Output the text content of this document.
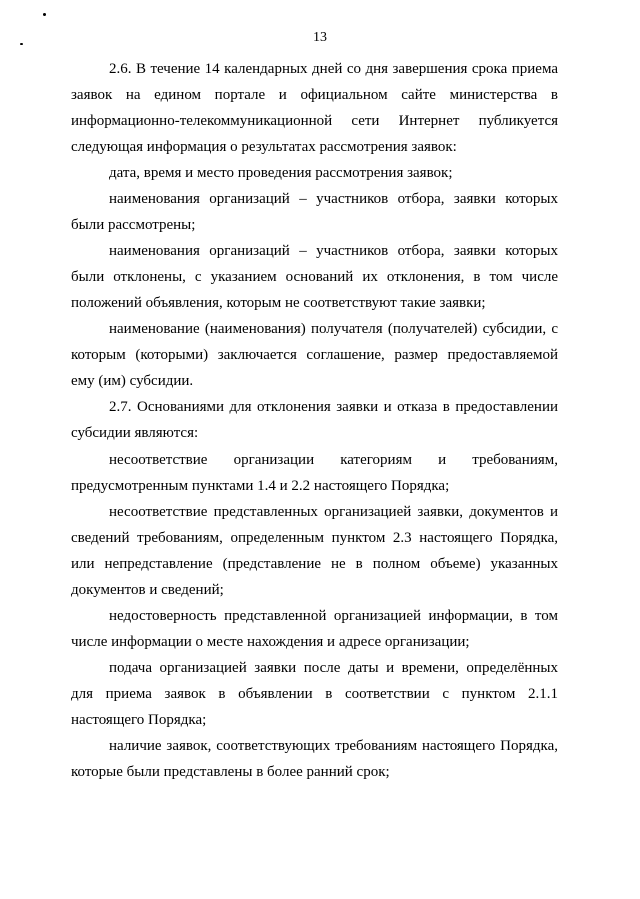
13
2.6. В течение 14 календарных дней со дня завершения срока приема
заявок на едином портале и официальном сайте министерства в
информационно-телекоммуникационной сети Интернет публикуется
следующая информация о результатах рассмотрения заявок:
дата, время и место проведения рассмотрения заявок;
наименования организаций – участников отбора, заявки которых
были рассмотрены;
наименования организаций – участников отбора, заявки которых
были отклонены, с указанием оснований их отклонения, в том числе
положений объявления, которым не соответствуют такие заявки;
наименование (наименования) получателя (получателей) субсидии, с
которым (которыми) заключается соглашение, размер предоставляемой
ему (им) субсидии.
2.7. Основаниями для отклонения заявки и отказа в предоставлении
субсидии являются:
несоответствие организации категориям и требованиям,
предусмотренным пунктами 1.4 и 2.2 настоящего Порядка;
несоответствие представленных организацией заявки, документов и
сведений требованиям, определенным пунктом 2.3 настоящего Порядка,
или непредставление (представление не в полном объеме) указанных
документов и сведений;
недостоверность представленной организацией информации, в том
числе информации о месте нахождения и адресе организации;
подача организацией заявки после даты и времени, определённых
для приема заявок в объявлении в соответствии с пунктом 2.1.1
настоящего Порядка;
наличие заявок, соответствующих требованиям настоящего Порядка,
которые были представлены в более ранний срок;
